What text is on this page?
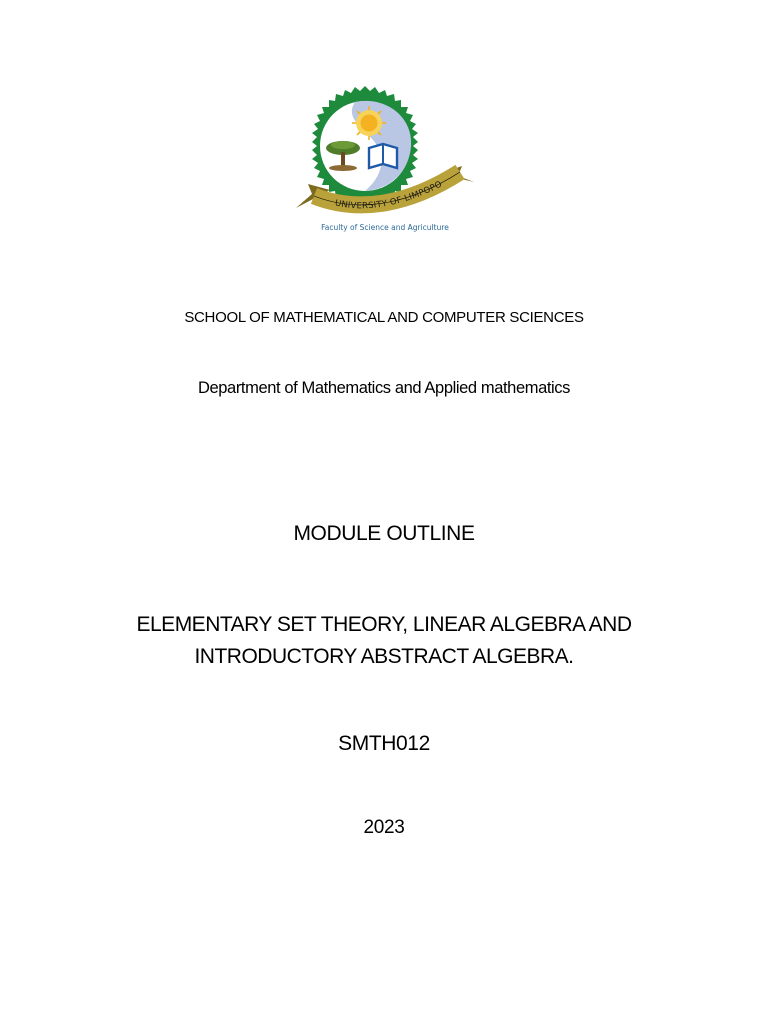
UNIVERSITY OF LIMPOPO
Faculty of Science and Agriculture
SCHOOL OF MATHEMATICAL AND COMPUTER SCIENCES
Department of Mathematics and Applied mathematics
MODULE OUTLINE
ELEMENTARY SET THEORY, LINEAR ALGEBRA AND
INTRODUCTORY ABSTRACT ALGEBRA.
SMTH012
2023
